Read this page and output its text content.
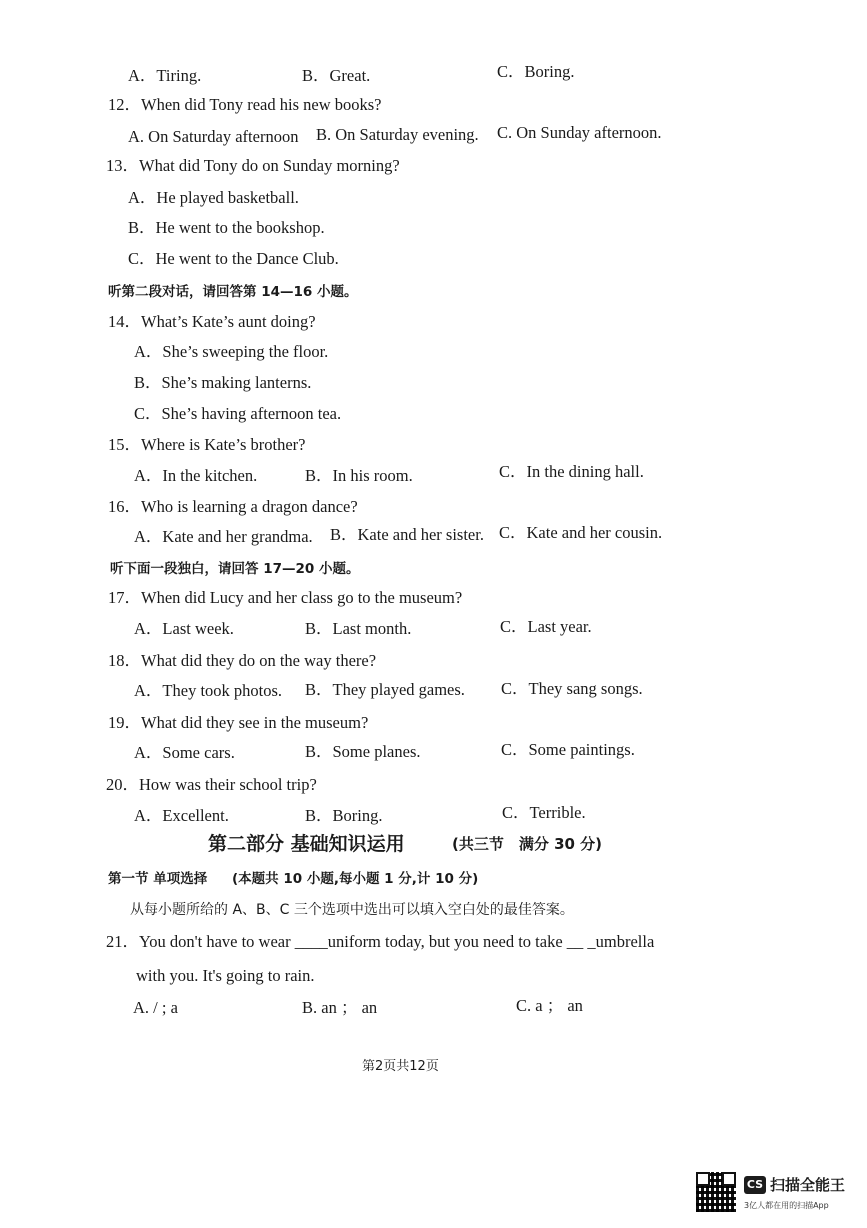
A．Tiring.	B．Great.	C．Boring.
12．When did Tony read his new books?
A. On Saturday afternoon B. On Saturday evening. C. On Sunday afternoon.
13．What did Tony do on Sunday morning?
A．He played basketball.
B．He went to the bookshop.
C．He went to the Dance Club.
听第二段对话，请回答第 14—16 小题。
14．What’s Kate’s aunt doing?
A．She’s sweeping the floor.
B．She’s making lanterns.
C．She’s having afternoon tea.
15．Where is Kate’s brother?
A．In the kitchen.	B．In his room.	C．In the dining hall.
16．Who is learning a dragon dance?
A．Kate and her grandma. B．Kate and her sister. C．Kate and her cousin.
听下面一段独白，请回答 17—20 小题。
17．When did Lucy and her class go to the museum?
A．Last week.	B．Last month.	C．Last year.
18．What did they do on the way there?
A．They took photos. B．They played games. C．They sang songs.
19．What did they see in the museum?
A．Some cars.	B．Some planes.	C．Some paintings.
20．How was their school trip?
A．Excellent.	B．Boring.	C．Terrible.
第二部分 基础知识运用	(共三节　满分 30 分)
第一节 单项选择 (本题共 10 小题,每小题 1 分,计 10 分)
从每小题所给的 A、B、C 三个选项中选出可以填入空白处的最佳答案。
21．You don't have to wear ____uniform today, but you need to take __ _umbrella
with you. It's going to rain.
A. / ; a	B. an ； an	C. a ； an
第2页共12页
CS 扫描全能王
3亿人都在用的扫描App
